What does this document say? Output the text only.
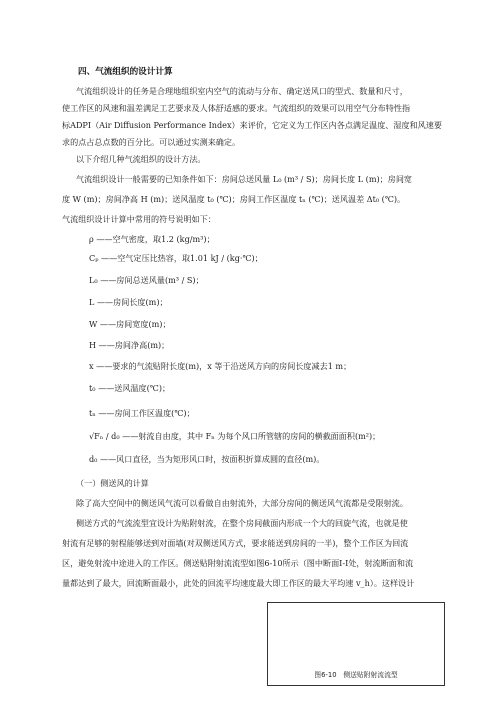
四、气流组织的设计计算
气流组织设计的任务是合理地组织室内空气的流动与分布、确定送风口的型式、数量和尺寸，
使工作区的风速和温差满足工艺要求及人体舒适感的要求。气流组织的效果可以用空气分布特性指
标ADPI（Air Diffusion Performance Index）来评价，它定义为工作区内各点满足温度、湿度和风速要
求的点占总点数的百分比。可以通过实测来确定。
以下介绍几种气流组织的设计方法。
气流组织设计一般需要的已知条件如下：房间总送风量 L₀ (m³ / S)；房间长度 L (m)；房间宽
度 W (m)；房间净高 H (m)；送风温度 t₀ (℃)；房间工作区温度 tₙ (℃)；送风温差 Δt₀ (℃)。
气流组织设计计算中常用的符号说明如下：
ρ ——空气密度，取1.2 (kg/m³)；
Cₚ ——空气定压比热容，取1.01 kJ / (kg·℃)；
L₀ ——房间总送风量(m³ / S)；
L ——房间长度(m)；
W ——房间宽度(m)；
H ——房间净高(m)；
x ——要求的气流贴附长度(m)，x 等于沿送风方向的房间长度减去1 m；
t₀ ——送风温度(℃)；
tₙ ——房间工作区温度(℃)；
√Fₙ / d₀ ——射流自由度，其中 Fₙ 为每个风口所管辖的房间的横截面面积(m²)；
d₀ ——风口直径，当为矩形风口时，按面积折算成圆的直径(m)。
（一）侧送风的计算
除了高大空间中的侧送风气流可以看做自由射流外，大部分房间的侧送风气流都是受限射流。
侧送方式的气流流型宜设计为贴附射流，在整个房间截面内形成一个大的回旋气流，也就是使
射流有足够的射程能够送到对面墙(对双侧送风方式，要求能送到房间的一半)，整个工作区为回流
区，避免射流中途进入的工作区。侧送贴附射流流型如图6-10所示（图中断面I-I处，射流断面和流
量都达到了最大，回流断面最小，此处的回流平均速度最大即工作区的最大平均速 v_h）。这样设计
图6-10　侧送贴附射流流型
